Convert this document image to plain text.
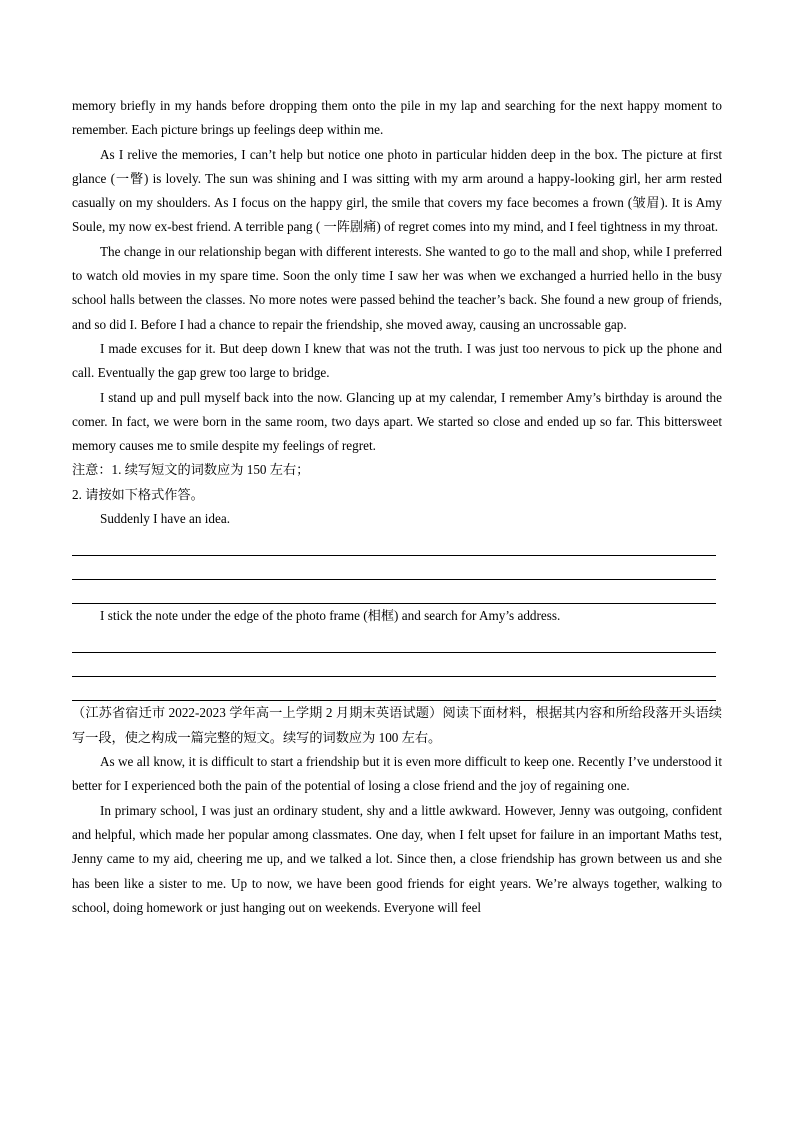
memory briefly in my hands before dropping them onto the pile in my lap and searching for the next happy moment to remember. Each picture brings up feelings deep within me.

As I relive the memories, I can’t help but notice one photo in particular hidden deep in the box. The picture at first glance (一瞥) is lovely. The sun was shining and I was sitting with my arm around a happy-looking girl, her arm rested casually on my shoulders. As I focus on the happy girl, the smile that covers my face becomes a frown (皱眉). It is Amy Soule, my now ex-best friend. A terrible pang ( 一阵剧痛) of regret comes into my mind, and I feel tightness in my throat.

The change in our relationship began with different interests. She wanted to go to the mall and shop, while I preferred to watch old movies in my spare time. Soon the only time I saw her was when we exchanged a hurried hello in the busy school halls between the classes. No more notes were passed behind the teacher’s back. She found a new group of friends, and so did I. Before I had a chance to repair the friendship, she moved away, causing an uncrossable gap.

I made excuses for it. But deep down I knew that was not the truth. I was just too nervous to pick up the phone and call. Eventually the gap grew too large to bridge.

I stand up and pull myself back into the now. Glancing up at my calendar, I remember Amy’s birthday is around the comer. In fact, we were born in the same room, two days apart. We started so close and ended up so far. This bittersweet memory causes me to smile despite my feelings of regret.

注意：1. 续写短文的词数应为 150 左右；

2. 请按如下格式作答。

Suddenly I have an idea.

I stick the note under the edge of the photo frame (相框) and search for Amy’s address.

（江苏省宿迁市 2022-2023 学年高一上学期 2 月期末英语试题）阅读下面材料，根据其内容和所给段落开头语续写一段，使之构成一篇完整的短文。续写的词数应为 100 左右。

As we all know, it is difficult to start a friendship but it is even more difficult to keep one. Recently I’ve understood it better for I experienced both the pain of the potential of losing a close friend and the joy of regaining one.

In primary school, I was just an ordinary student, shy and a little awkward. However, Jenny was outgoing, confident and helpful, which made her popular among classmates. One day, when I felt upset for failure in an important Maths test, Jenny came to my aid, cheering me up, and we talked a lot. Since then, a close friendship has grown between us and she has been like a sister to me. Up to now, we have been good friends for eight years. We’re always together, walking to school, doing homework or just hanging out on weekends. Everyone will feel
